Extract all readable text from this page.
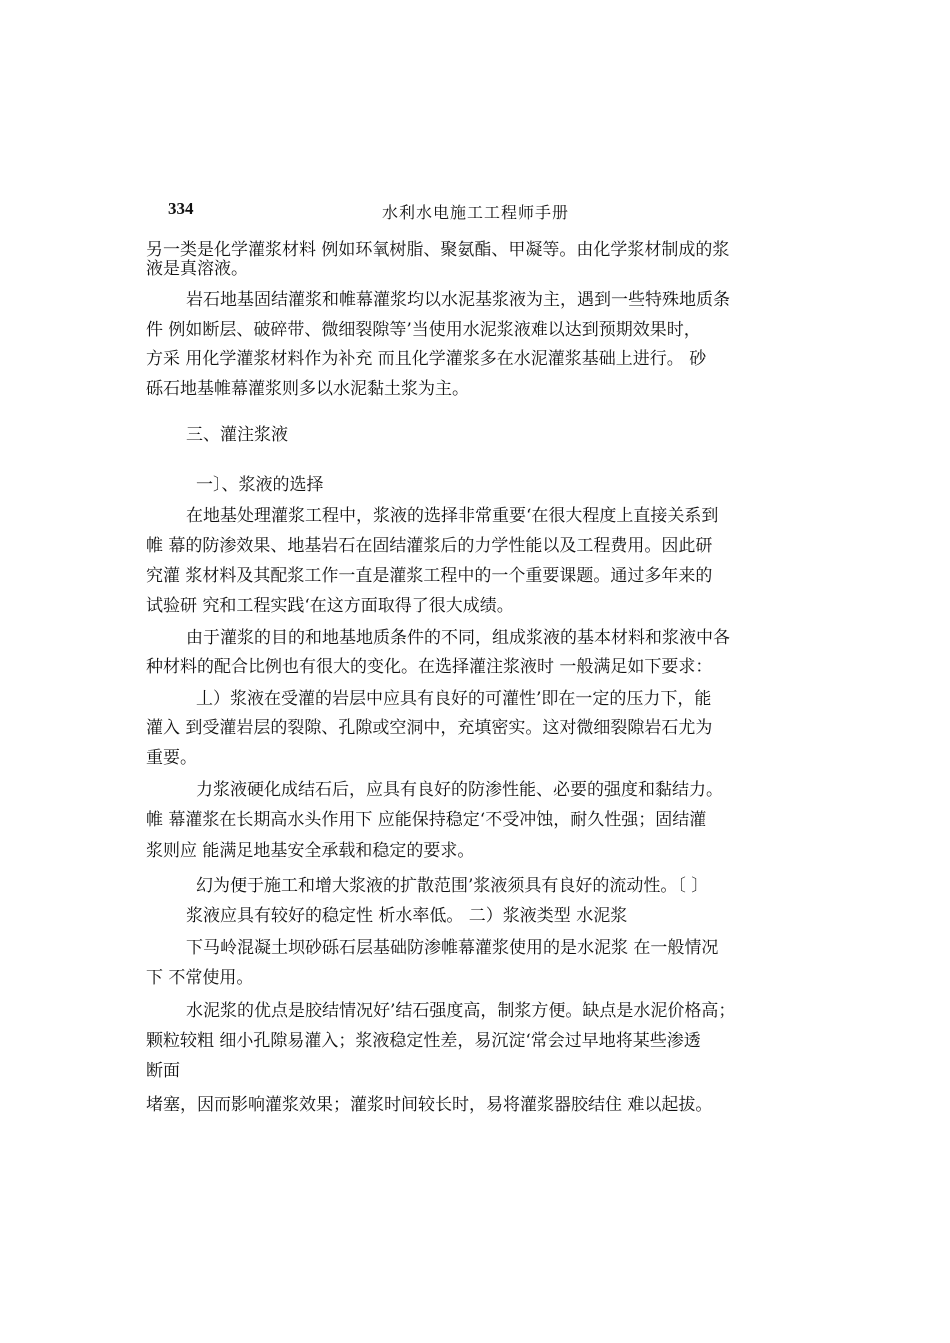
334	水利水电施工工程师手册
另一类是化学灌浆材料 例如环氧树脂、聚氨酯、甲凝等。由化学浆材制成的浆
液是真溶液。
岩石地基固结灌浆和帷幕灌浆均以水泥基浆液为主，遇到一些特殊地质条
件 例如断层、破碎带、微细裂隙等’当使用水泥浆液难以达到预期效果时，
方采 用化学灌浆材料作为补充 而且化学灌浆多在水泥灌浆基础上进行。 砂
砾石地基帷幕灌浆则多以水泥黏土浆为主。
三、灌注浆液
一〕、浆液的选择
在地基处理灌浆工程中，浆液的选择非常重要‘在很大程度上直接关系到
帷 幕的防渗效果、地基岩石在固结灌浆后的力学性能以及工程费用。因此研
究灌 浆材料及其配浆工作一直是灌浆工程中的一个重要课题。通过多年来的
试验研 究和工程实践‘在这方面取得了很大成绩。
由于灌浆的目的和地基地质条件的不同，组成浆液的基本材料和浆液中各
种材料的配合比例也有很大的变化。在选择灌注浆液时 一般满足如下要求：
丄）浆液在受灌的岩层中应具有良好的可灌性’即在一定的压力下，能
灌入 到受灌岩层的裂隙、孔隙或空洞中，充填密实。这对微细裂隙岩石尤为
重要。
力浆液硬化成结石后，应具有良好的防渗性能、必要的强度和黏结力。
帷 幕灌浆在长期高水头作用下 应能保持稳定‘不受冲蚀，耐久性强；固结灌
浆则应 能满足地基安全承载和稳定的要求。
幻为便于施工和增大浆液的扩散范围’浆液须具有良好的流动性。〔 〕
浆液应具有较好的稳定性 析水率低。 二）浆液类型 水泥浆
下马岭混凝土坝砂砾石层基础防渗帷幕灌浆使用的是水泥浆 在一般情况
下 不常使用。
水泥浆的优点是胶结情况好’结石强度高，制浆方便。缺点是水泥价格高；
颗粒较粗 细小孔隙易灌入；浆液稳定性差，易沉淀‘常会过早地将某些渗透
断面
堵塞，因而影响灌浆效果；灌浆时间较长时，易将灌浆器胶结住 难以起拔。
